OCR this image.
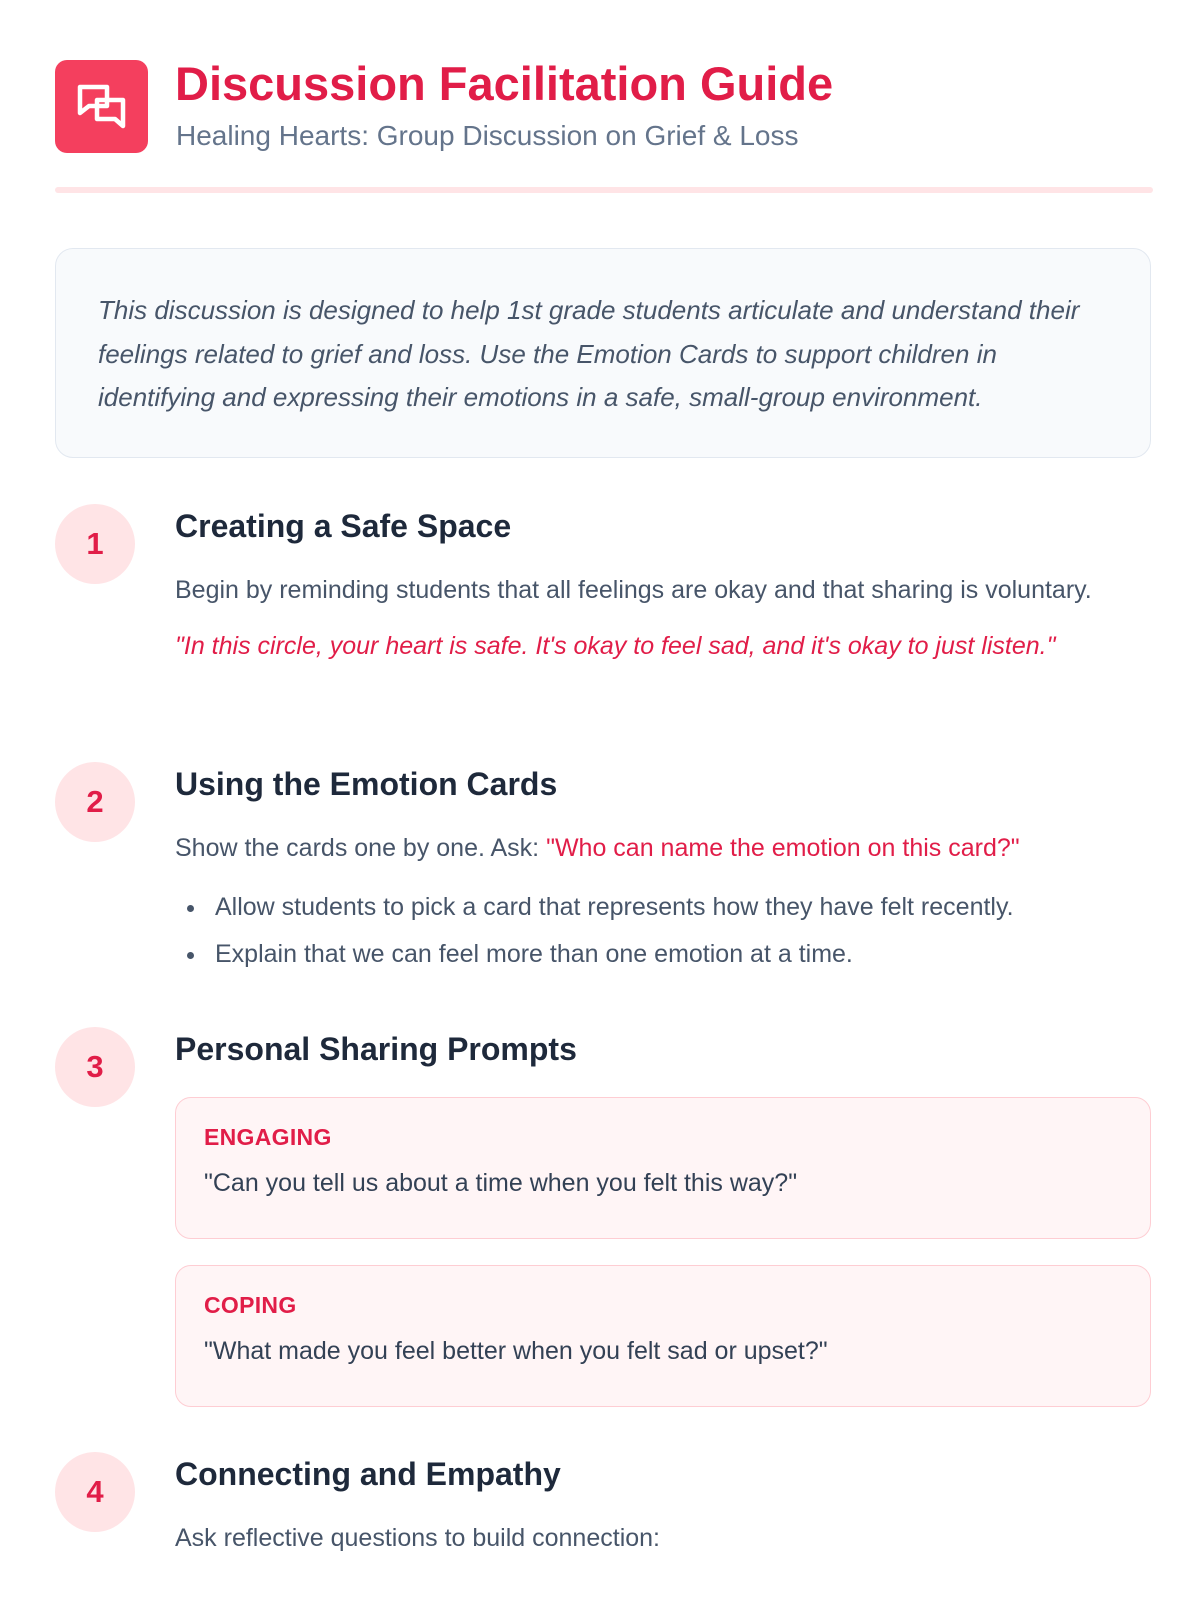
Discussion Facilitation Guide

Healing Hearts: Group Discussion on Grief & Loss

This discussion is designed to help 1st grade students articulate and understand their feelings related to grief and loss. Use the Emotion Cards to support children in identifying and expressing their emotions in a safe, small-group environment.

1	Creating a Safe Space

Begin by reminding students that all feelings are okay and that sharing is voluntary.

"In this circle, your heart is safe. It's okay to feel sad, and it's okay to just listen."

2	Using the Emotion Cards

Show the cards one by one. Ask: "Who can name the emotion on this card?"

Allow students to pick a card that represents how they have felt recently.
Explain that we can feel more than one emotion at a time.
3	Personal Sharing Prompts

ENGAGING

"Can you tell us about a time when you felt this way?"

COPING

"What made you feel better when you felt sad or upset?"

4	Connecting and Empathy

Ask reflective questions to build connection:
